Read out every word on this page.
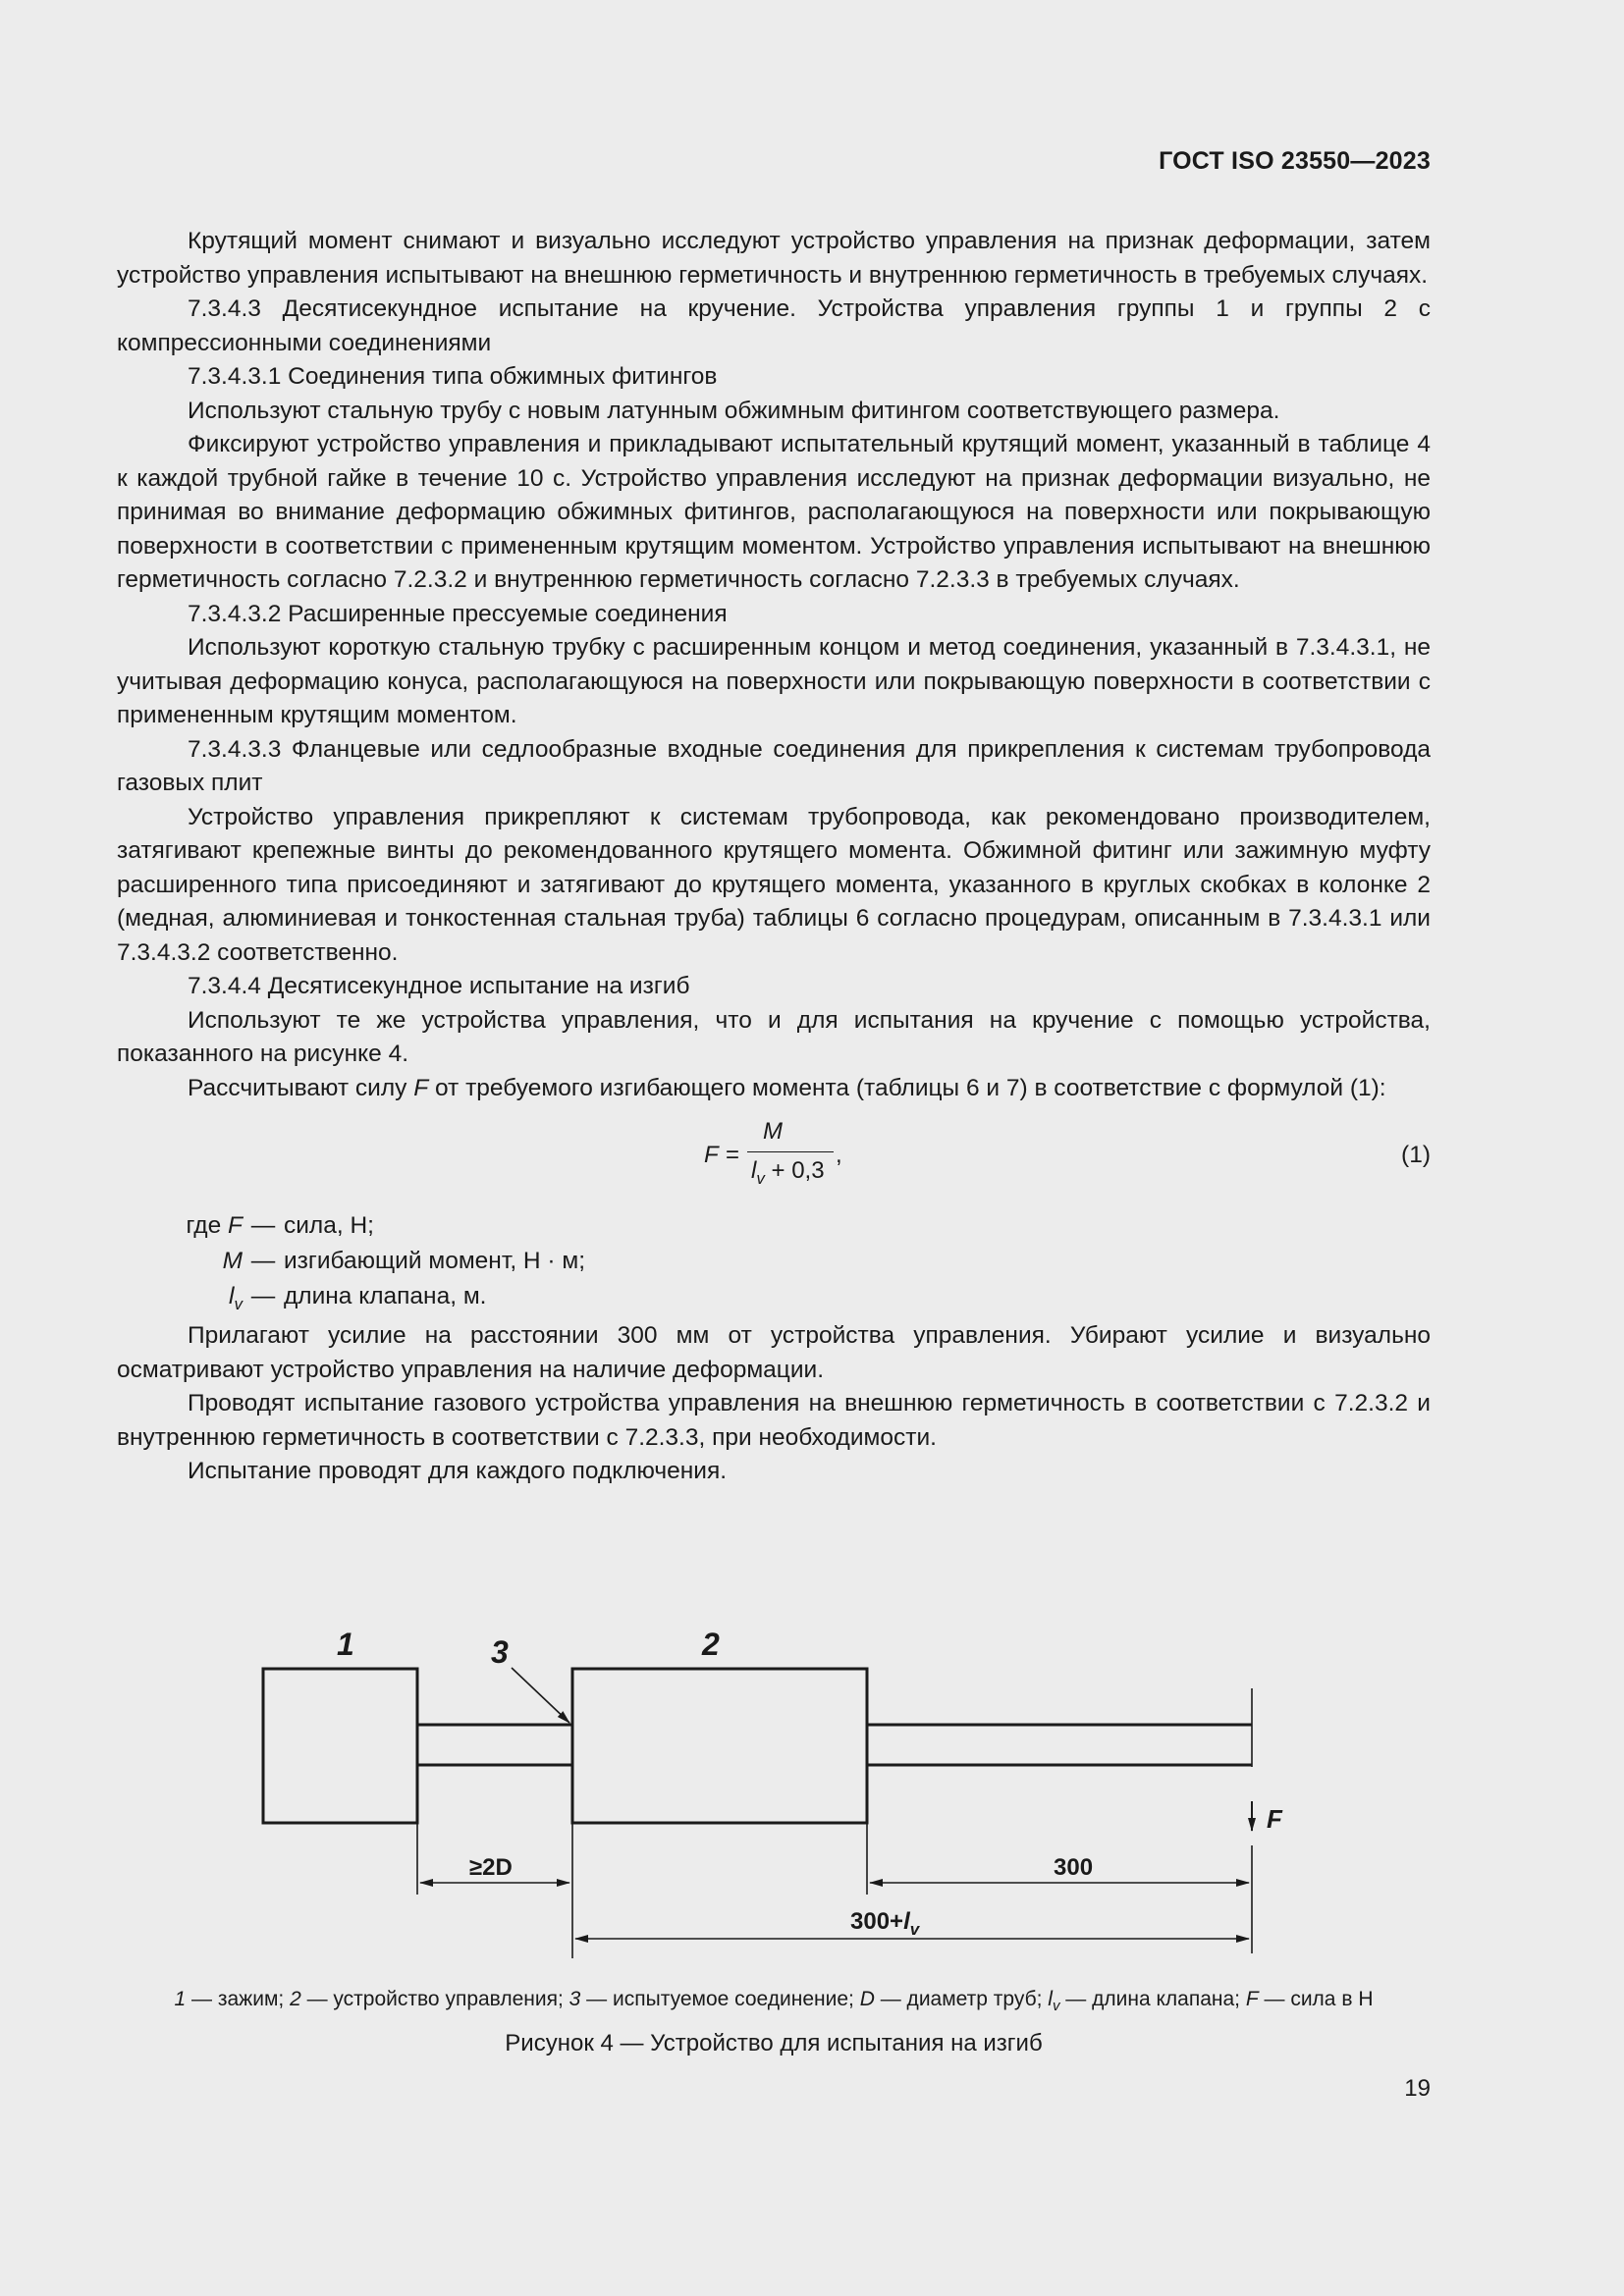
ГОСТ ISO 23550—2023

Крутящий момент снимают и визуально исследуют устройство управления на признак деформации, затем устройство управления испытывают на внешнюю герметичность и внутреннюю герметичность в требуемых случаях.

7.3.4.3 Десятисекундное испытание на кручение. Устройства управления группы 1 и группы 2 с компрессионными соединениями

7.3.4.3.1 Соединения типа обжимных фитингов

Используют стальную трубу с новым латунным обжимным фитингом соответствующего размера.

Фиксируют устройство управления и прикладывают испытательный крутящий момент, указанный в таблице 4 к каждой трубной гайке в течение 10 с. Устройство управления исследуют на признак деформации визуально, не принимая во внимание деформацию обжимных фитингов, располагающуюся на поверхности или покрывающую поверхности в соответствии с примененным крутящим моментом. Устройство управления испытывают на внешнюю герметичность согласно 7.2.3.2 и внутреннюю герметичность согласно 7.2.3.3 в требуемых случаях.

7.3.4.3.2 Расширенные прессуемые соединения

Используют короткую стальную трубку с расширенным концом и метод соединения, указанный в 7.3.4.3.1, не учитывая деформацию конуса, располагающуюся на поверхности или покрывающую поверхности в соответствии с примененным крутящим моментом.

7.3.4.3.3 Фланцевые или седлообразные входные соединения для прикрепления к системам трубопровода газовых плит

Устройство управления прикрепляют к системам трубопровода, как рекомендовано производителем, затягивают крепежные винты до рекомендованного крутящего момента. Обжимной фитинг или зажимную муфту расширенного типа присоединяют и затягивают до крутящего момента, указанного в круглых скобках в колонке 2 (медная, алюминиевая и тонкостенная стальная труба) таблицы 6 согласно процедурам, описанным в 7.3.4.3.1 или 7.3.4.3.2 соответственно.

7.3.4.4 Десятисекундное испытание на изгиб

Используют те же устройства управления, что и для испытания на кручение с помощью устройства, показанного на рисунке 4.

Рассчитывают силу F от требуемого изгибающего момента (таблицы 6 и 7) в соответствие с формулой (1):

F =
M
$l_v + 0,3$
,	(1)
где F — сила, Н;
M — изгибающий момент, Н · м;
$l_v$ — длина клапана, м.

Прилагают усилие на расстоянии 300 мм от устройства управления. Убирают усилие и визуально осматривают устройство управления на наличие деформации.

Проводят испытание газового устройства управления на внешнюю герметичность в соответствии с 7.2.3.2 и внутреннюю герметичность в соответствии с 7.2.3.3, при необходимости.

Испытание проводят для каждого подключения.

1	3	2
F
≥2D	300
$300+l_v$
1 — зажим; 2 — устройство управления; 3 — испытуемое соединение; D — диаметр труб; $l_v$ — длина клапана; F — сила в Н
Рисунок 4 — Устройство для испытания на изгиб
19
